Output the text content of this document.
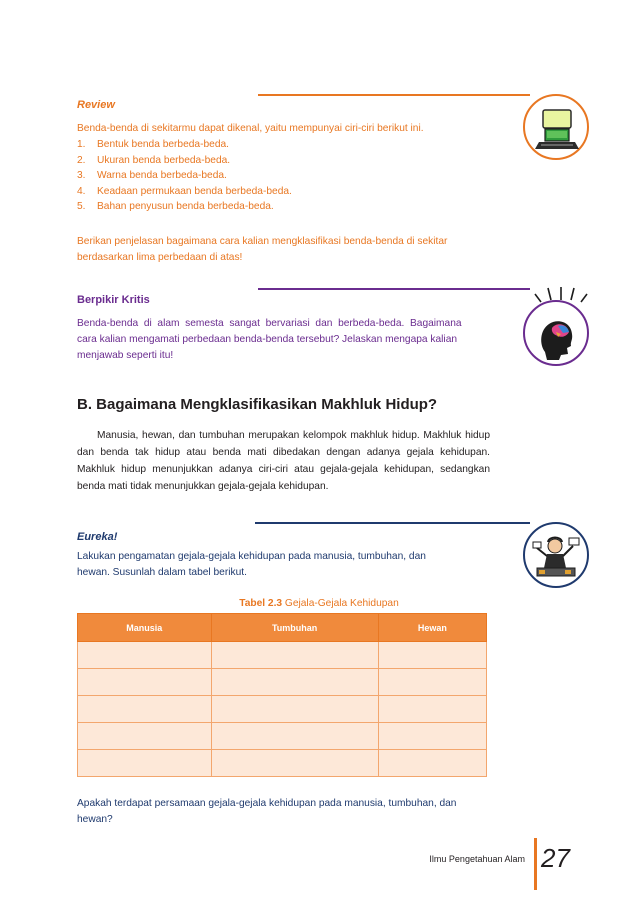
Review
Benda-benda di sekitarmu dapat dikenal, yaitu mempunyai ciri-ciri berikut ini.
1.	Bentuk benda berbeda-beda.
2.	Ukuran benda berbeda-beda.
3.	Warna benda berbeda-beda.
4.	Keadaan permukaan benda berbeda-beda.
5.	Bahan penyusun benda berbeda-beda.
Berikan penjelasan bagaimana cara kalian mengklasifikasi benda-benda di sekitar
berdasarkan lima perbedaan di atas!
Berpikir Kritis
Benda-benda  di  alam  semesta  sangat  bervariasi  dan  berbeda-beda.  Bagaimana
cara kalian mengamati perbedaan benda-benda tersebut? Jelaskan mengapa kalian
menjawab seperti itu!
B. Bagaimana Mengklasifikasikan Makhluk Hidup?
Manusia, hewan, dan tumbuhan merupakan kelompok makhluk hidup. Makhluk hidup dan benda tak hidup atau benda mati dibedakan dengan adanya gejala kehidupan. Makhluk hidup menunjukkan adanya ciri-ciri atau gejala-gejala kehidupan, sedangkan benda mati tidak menunjukkan gejala-gejala kehidupan.
Eureka!
Lakukan pengamatan gejala-gejala kehidupan pada manusia, tumbuhan, dan
hewan. Susunlah dalam tabel berikut.
Tabel 2.3 Gejala-Gejala Kehidupan
Manusia	Tumbuhan	Hewan

Apakah terdapat persamaan gejala-gejala kehidupan pada manusia, tumbuhan, dan
hewan?
Ilmu Pengetahuan Alam 27
